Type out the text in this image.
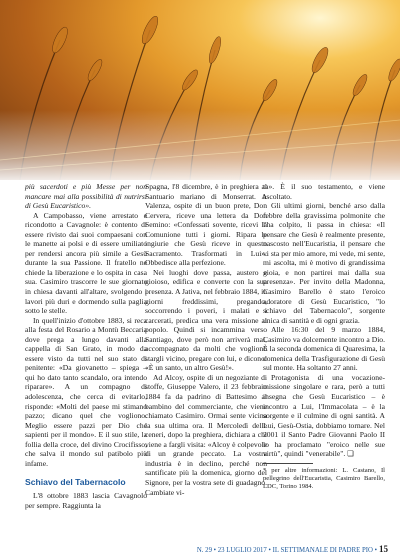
più sacerdoti e più Messe per non mancare mai alla possibilità di nutrirsi di Gesù Eucaristico».

A Campobasso, viene arrestato e ricondotto a Cavagnole: è contento di essere rivisto dai suoi compaesani con le manette ai polsi e di essere umiliato per rendersi ancora più simile a Gesù durante la sua Passione. Il fratello ne chiede la liberazione e lo ospita in casa sua. Casimiro trascorre le sue giornate in chiesa davanti all'altare, svolgendo i lavori più duri e dormendo sulla paglia sotto le stelle.

In quell'inizio d'ottobre 1883, si reca alla festa del Rosario a Montù Beccaria dove prega a lungo davanti alla cappella di San Grato, in modo da essere visto da tutti nel suo stato di penitente: «Da giovanetto – spiega – qui ho dato tanto scandalo, ora intendo riparare». A un compagno di adolescenza, che cerca di evitarlo, risponde: «Molti del paese mi stimano pazzo; dicano quel che vogliono. Meglio essere pazzi per Dio che sapienti per il mondo». E il suo stile, la follia della croce, del divino Crocifisso, che salva il mondo sul patibolo più infame.

Schiavo del Tabernacolo

L'8 ottobre 1883 lascia Cavagnolo per sempre. Raggiunta la

Spagna, l'8 dicembre, è in preghiera al Santuario mariano di Monserrat. A Valenza, ospite di un buon prete, Don Cervera, riceve una lettera da Don Semino: «Confessati sovente, ricevi la Comunione tutti i giorni. Ripara le ingiurie che Gesù riceve in questo Sacramento. Trasformati in Lui». Obbedisce alla perfezione.

Nei luoghi dove passa, austero e gioioso, edifica e converte con la sua presenza. A Jativa, nel febbraio 1884, in giorni freddissimi, pregando, soccorrendo i poveri, i malati e i carcerati, predica una vera missione al popolo. Quindi si incammina verso Santiago, dove però non arriverà mai, accompagnato da molti che vogliono stargli vicino, pregare con lui, e dicono: «È un santo, un altro Gesù!».

Ad Alcoy, ospite di un negoziante di stoffe, Giuseppe Valero, il 23 febbraio 1884 fa da padrino di Battesimo al bambino del commerciante, che viene chiamato Casimiro. Ormai sente vicina la sua ultima ora. Il Mercoledì delle ceneri, dopo la preghiera, dichiara a chi viene a fargli visita: «Alcoy è colpevole di un grande peccato. La vostra industria è in declino, perché non santificate più la domenica, giorno del Signore, per la vostra sete di guadagno. Cambiate vi-

ta». È il suo testamento, e viene ascoltato.

Gli ultimi giorni, benché arso dalla febbre della gravissima polmonite che l'ha colpito, li passa in chiesa: «Il pensare che Gesù è realmente presente, nascosto nell'Eucaristia, il pensare che vi sta per mio amore, mi vede, mi sente, mi ascolta, mi è motivo di grandissima gioia, e non partirei mai dalla sua presenza». Per invito della Madonna, Casimiro Barello è stato l'eroico adoratore di Gesù Eucaristico, "lo schiavo del Tabernacolo", sorgente unica di santità e di ogni grazia.

Alle 16:30 del 9 marzo 1884, Casimiro va dolcemente incontro a Dio. È la seconda domenica di Quaresima, la domenica della Trasfigurazione di Gesù sul monte. Ha soltanto 27 anni.

Protagonista di una vocazione-missione singolare e rara, però a tutti insegna che Gesù Eucaristico – è incontro a Lui, l'Immacolata – è la sorgente e il culmine di ogni santità. A Lui, Gesù-Ostia, dobbiamo tornare. Nel 2001 il Santo Padre Giovanni Paolo II lo ha proclamato "eroico nelle sue virtù", quindi "venerabile". ❏

* per altre informazioni: L. Castano, Il pellegrino dell'Eucaristia, Casimiro Barello, LDC, Torino 1984.
N. 29 • 23 LUGLIO 2017 • IL SETTIMANALE DI PADRE PIO • 15
